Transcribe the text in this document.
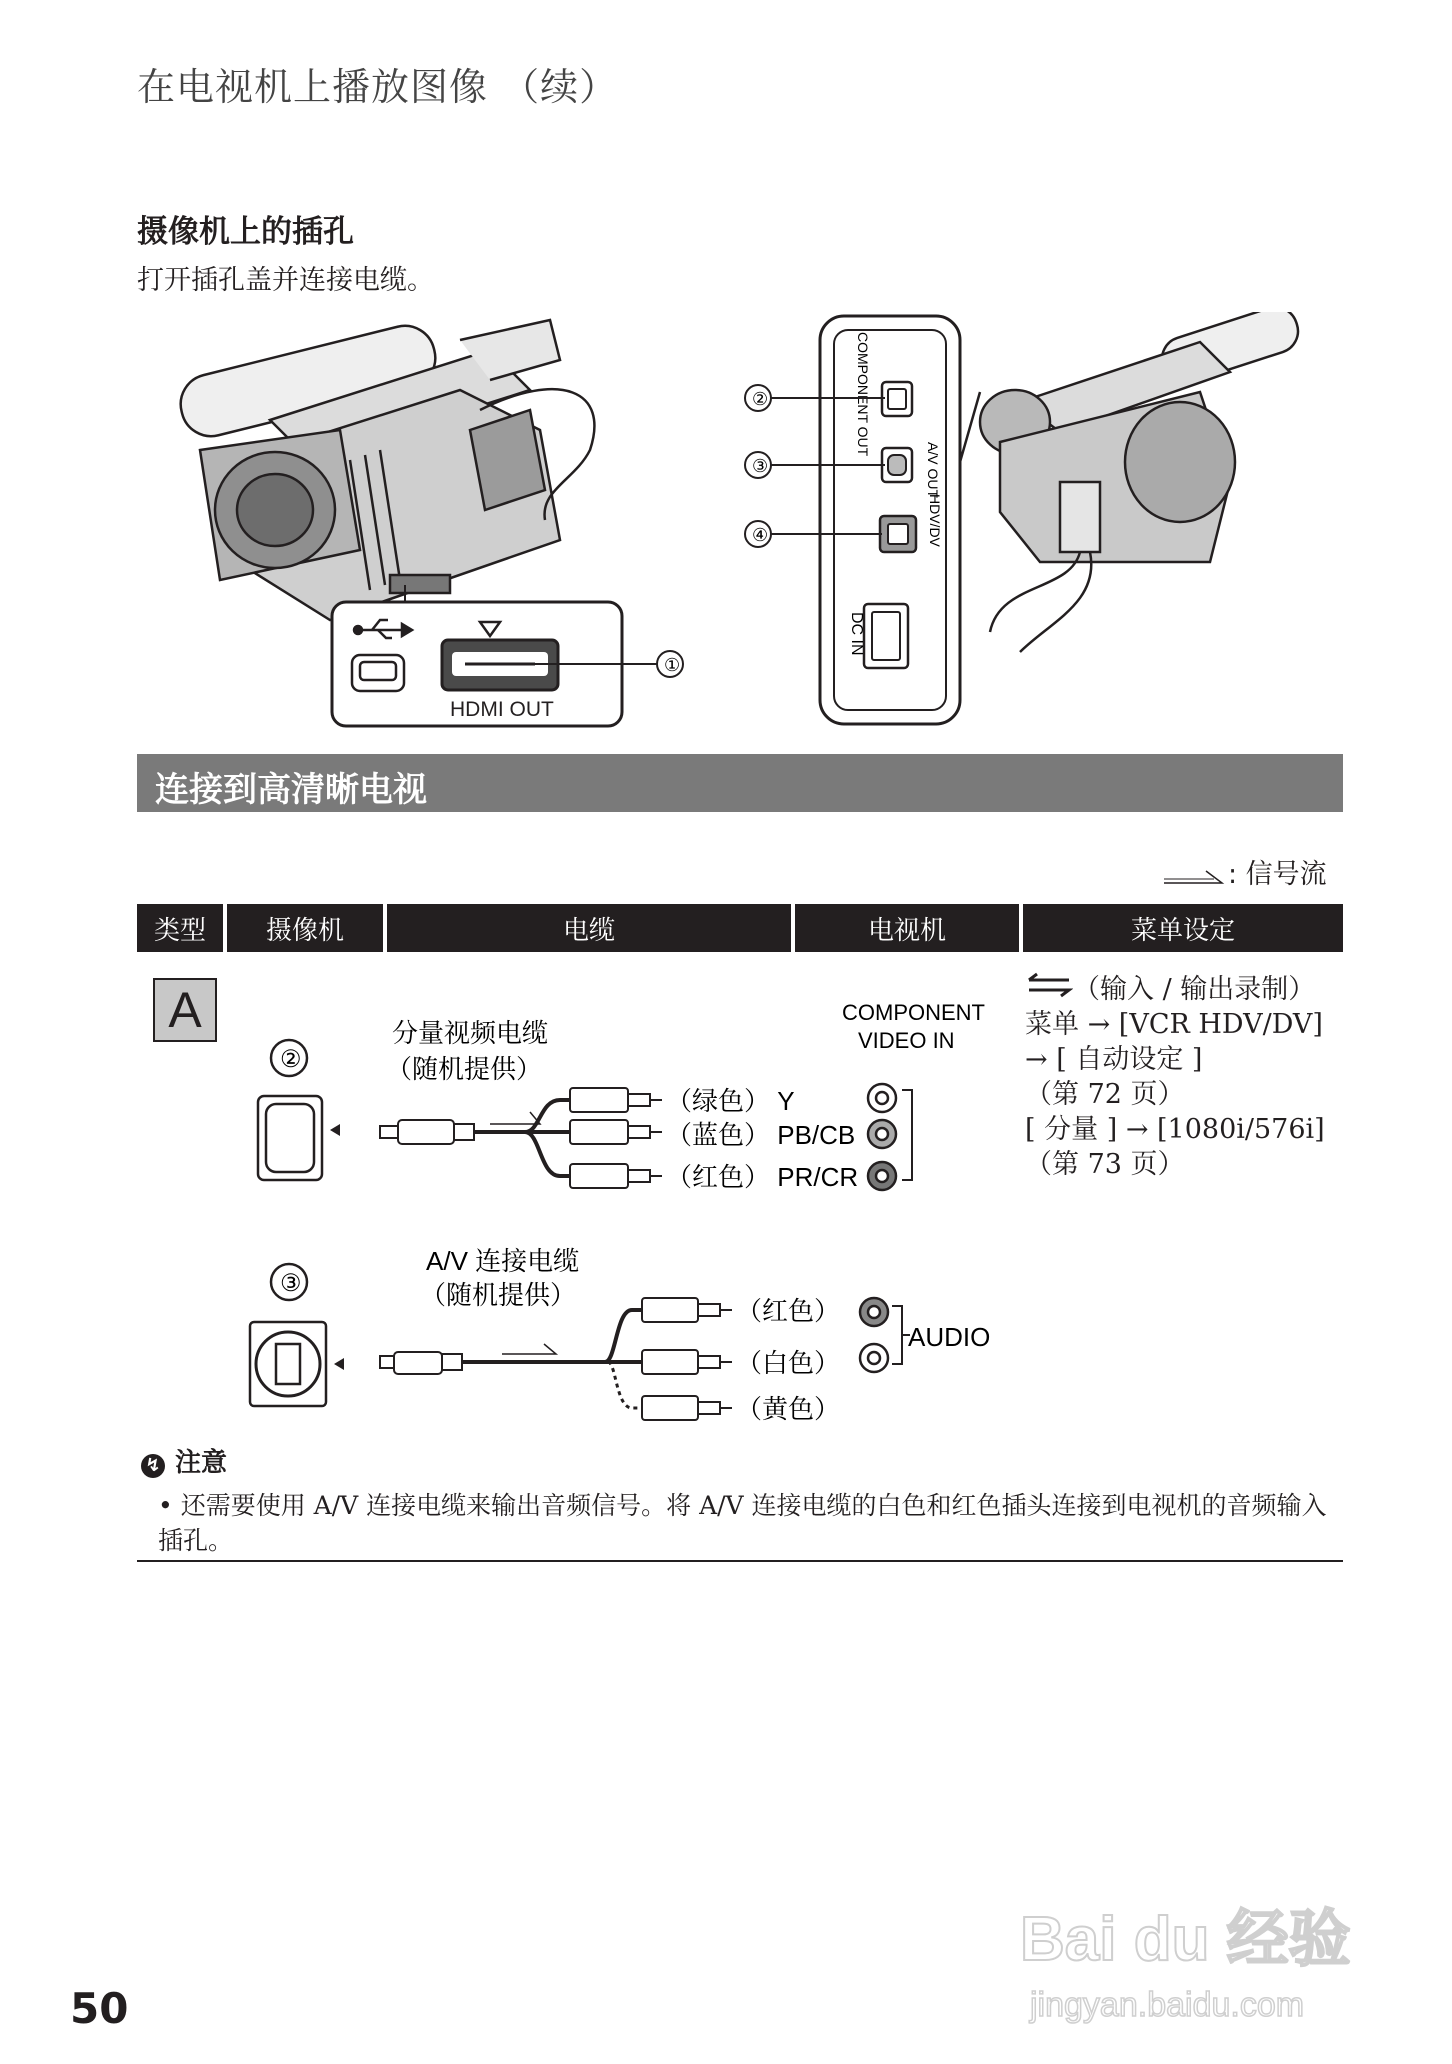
在电视机上播放图像 （续）
摄像机上的插孔
打开插孔盖并连接电缆。
HDMI OUT
①
COMPONENT OUT
A/V OUT
HDV/DV
DC IN
②
③
④
连接到高清晰电视
: 信号流
类型	摄像机	电缆	电视机	菜单设定
A
②
分量视频电缆
（随机提供）
（绿色） Y
（蓝色） PB/CB
（红色） PR/CR
COMPONENT
VIDEO IN
（输入 / 输出录制）
菜单 → [VCR HDV/DV]
→ [ 自动设定 ]
（第 72 页）
[ 分量 ] → [1080i/576i]
（第 73 页）
③
A/V 连接电缆
（随机提供）
（红色）
（白色）
（黄色）
AUDIO
↯ 注意
• 还需要使用 A/V 连接电缆来输出音频信号。将 A/V 连接电缆的白色和红色插头连接到电视机的音频输入插孔。
50
Bai du 经验
jingyan.baidu.com
